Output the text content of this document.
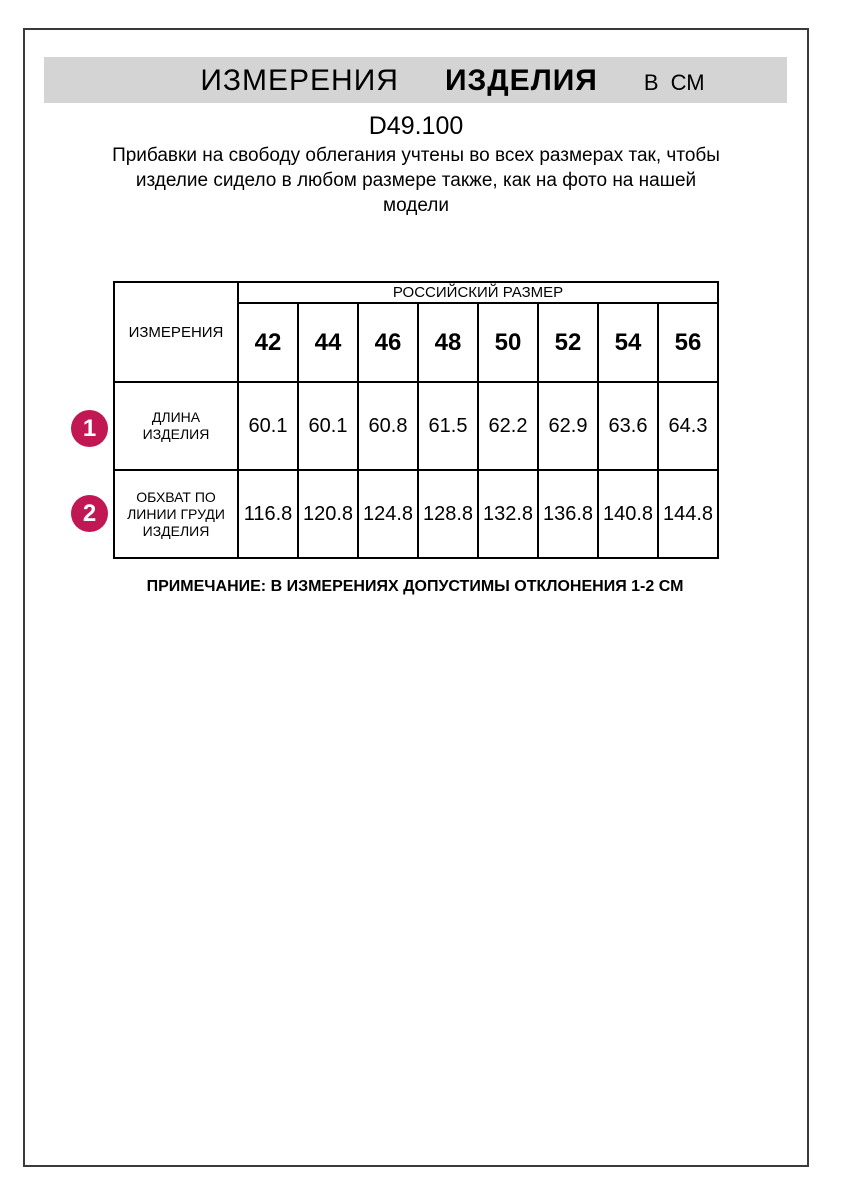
ИЗМЕРЕНИЯ ИЗДЕЛИЯ В СМ
D49.100
Прибавки на свободу облегания учтены во всех размерах так, чтобы
изделие сидело в любом размере также, как на фото на нашей
модели
ИЗМЕРЕНИЯ	РОССИЙСКИЙ РАЗМЕР							
	42	44	46	48	50	52	54	56

ДЛИНА
ИЗДЕЛИЯ	60.1	60.1	60.8	61.5	62.2	62.9	63.6	64.3

ОБХВАТ ПО
ЛИНИИ ГРУДИ
ИЗДЕЛИЯ	116.8	120.8	124.8	128.8	132.8	136.8	140.8	144.8
1
2
ПРИМЕЧАНИЕ: В ИЗМЕРЕНИЯХ ДОПУСТИМЫ ОТКЛОНЕНИЯ 1-2 СМ
